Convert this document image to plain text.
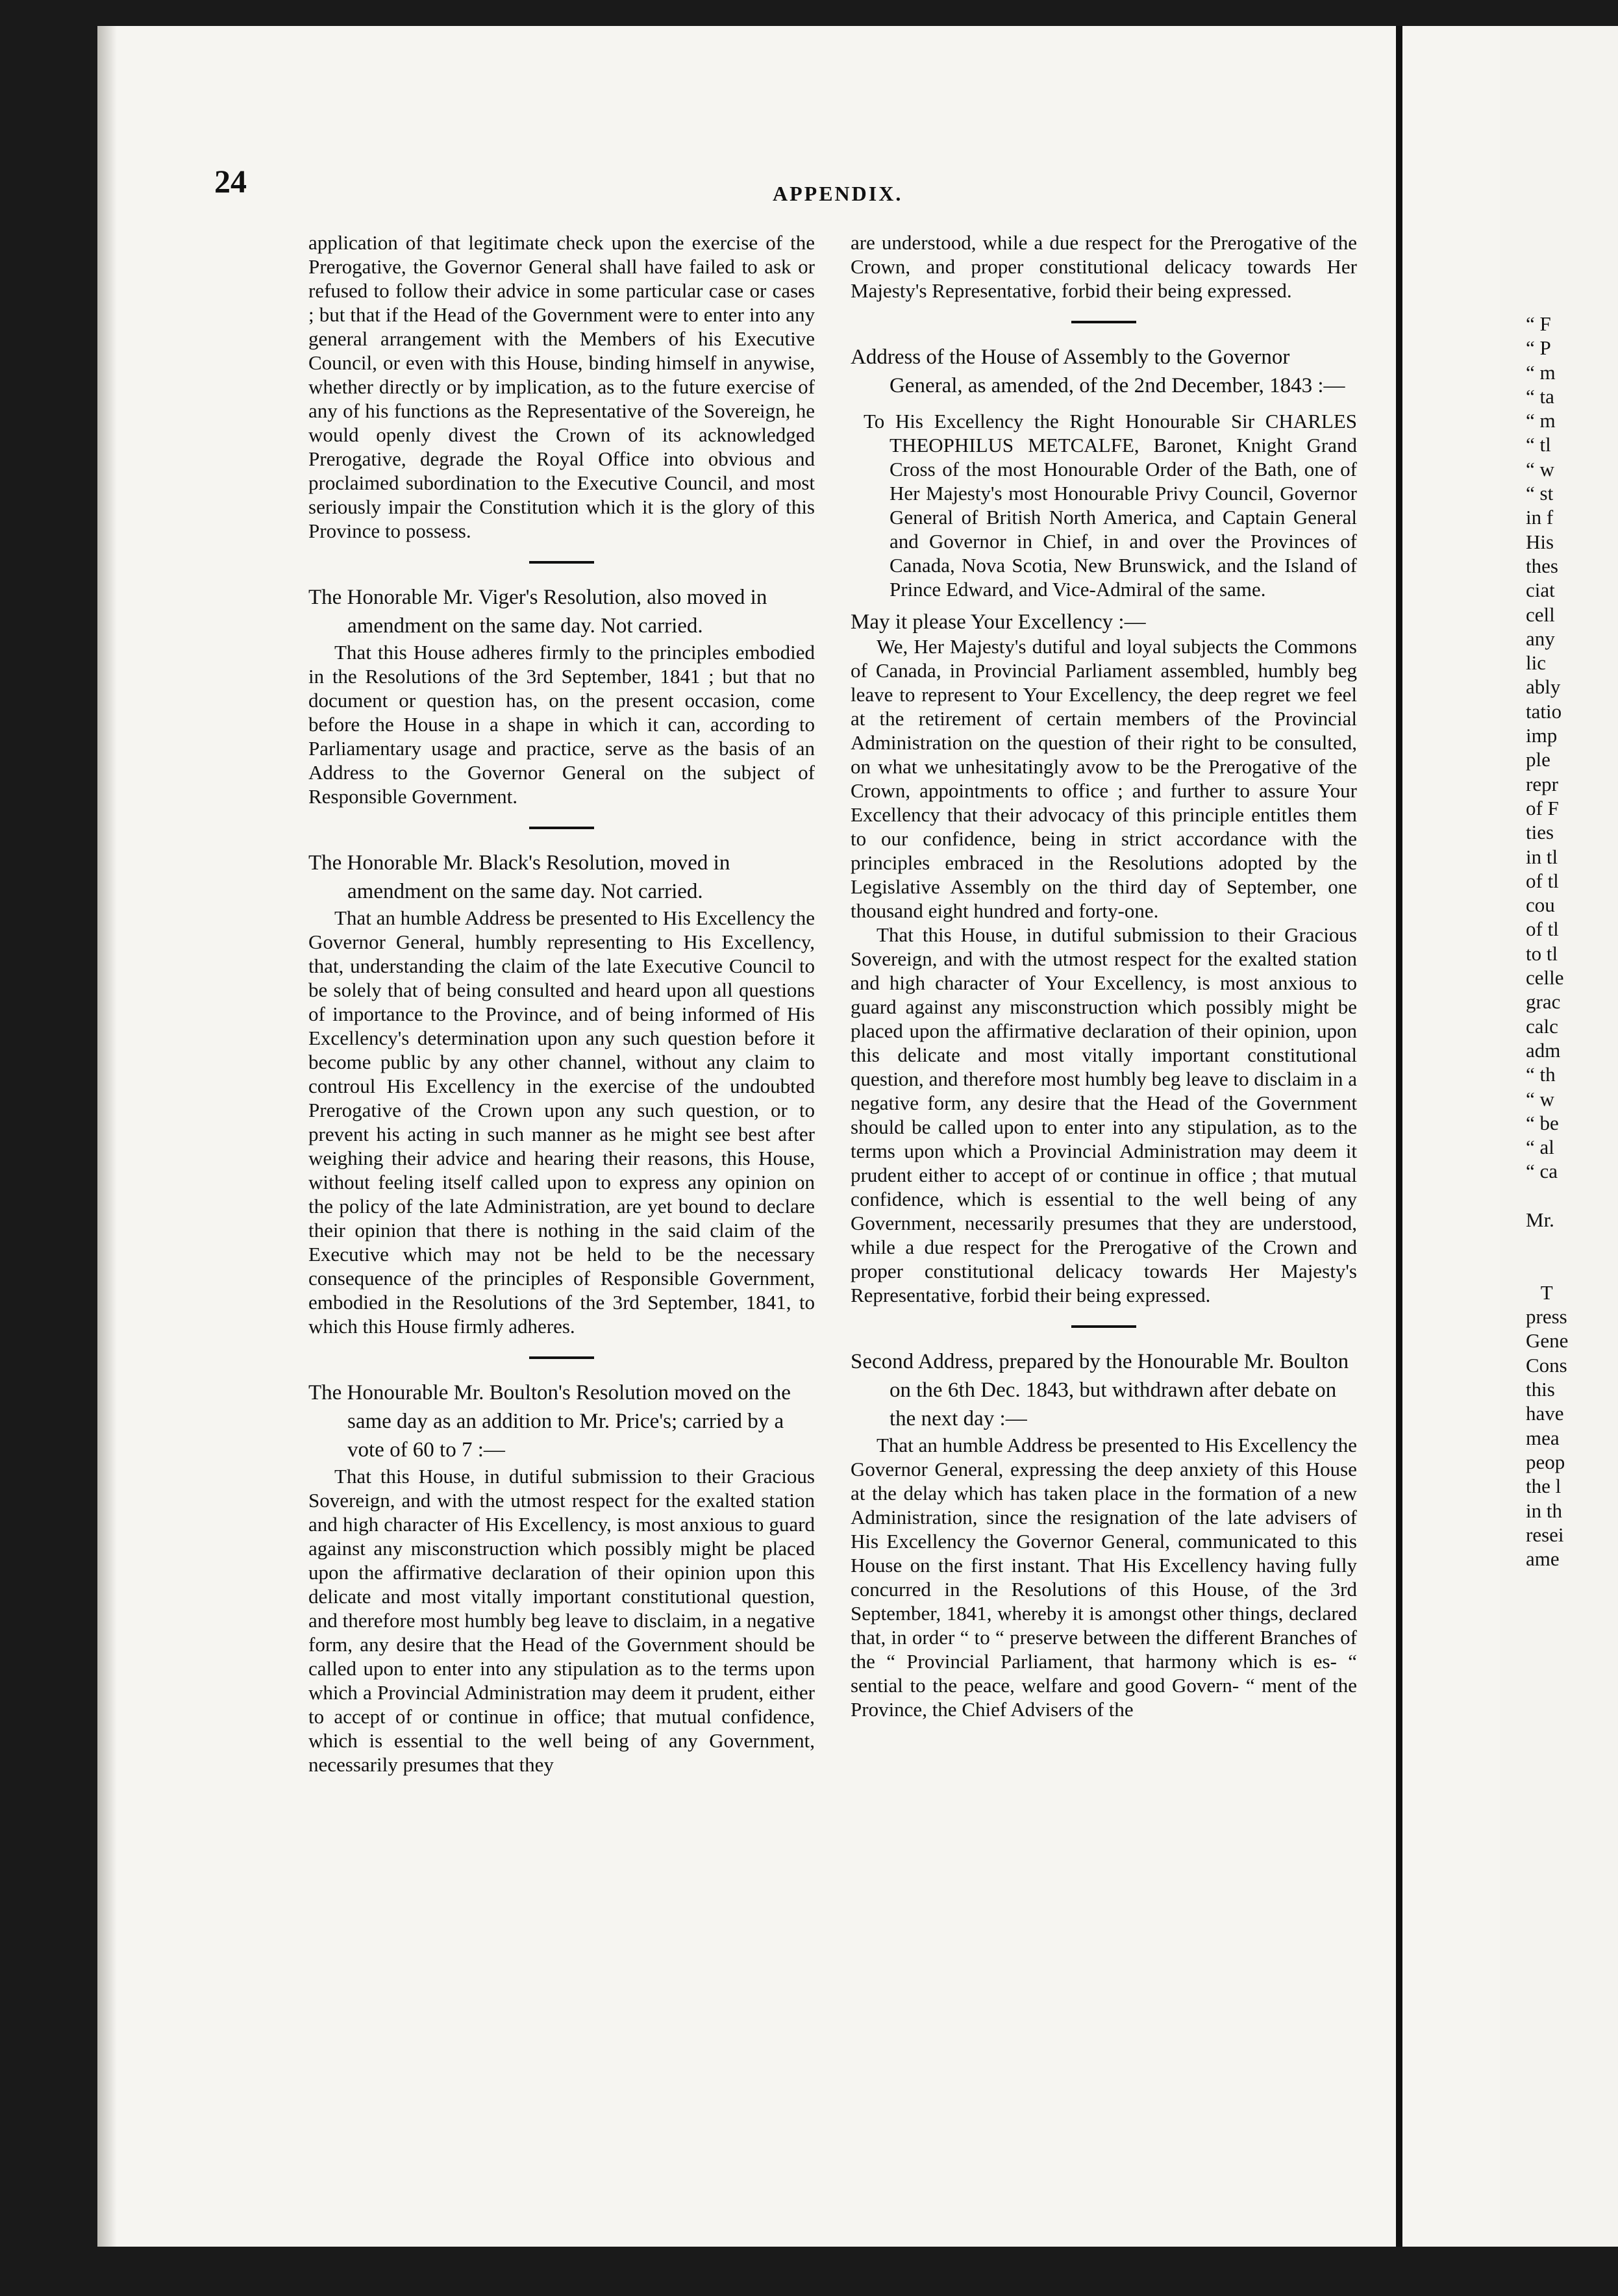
“ F
“ P
“ m
“ ta
“ m
“ tl
“ w
“ st
in f
His
thes
ciat
cell
any
lic
ably
tatio
imp
ple
repr
of F
ties
in tl
of tl
cou
of tl
to tl
celle
grac
calc
adm
“ th
“ w
“ be
“ al
“ ca

Mr.

T
press
Gene
Cons
this
have
mea
peop
the l
in th
resei
ame
24	APPENDIX.

application of that legitimate check upon the exercise of the Prerogative, the Governor General shall have failed to ask or refused to follow their advice in some particular case or cases ; but that if the Head of the Government were to enter into any general arrangement with the Members of his Executive Council, or even with this House, binding himself in anywise, whether directly or by implication, as to the future exercise of any of his functions as the Representative of the Sovereign, he would openly divest the Crown of its acknowledged Prerogative, degrade the Royal Office into obvious and proclaimed subordination to the Executive Council, and most seriously impair the Constitution which it is the glory of this Province to possess.

The Honorable Mr. Viger's Resolution, also moved in amendment on the same day. Not carried.

That this House adheres firmly to the principles embodied in the Resolutions of the 3rd September, 1841 ; but that no document or question has, on the present occasion, come before the House in a shape in which it can, according to Parliamentary usage and practice, serve as the basis of an Address to the Governor General on the subject of Responsible Government.

The Honorable Mr. Black's Resolution, moved in amendment on the same day. Not carried.

That an humble Address be presented to His Excellency the Governor General, humbly representing to His Excellency, that, understanding the claim of the late Executive Council to be solely that of being consulted and heard upon all questions of importance to the Province, and of being informed of His Excellency's determination upon any such question before it become public by any other channel, without any claim to controul His Excellency in the exercise of the undoubted Prerogative of the Crown upon any such question, or to prevent his acting in such manner as he might see best after weighing their advice and hearing their reasons, this House, without feeling itself called upon to express any opinion on the policy of the late Administration, are yet bound to declare their opinion that there is nothing in the said claim of the Executive which may not be held to be the necessary consequence of the principles of Responsible Government, embodied in the Resolutions of the 3rd September, 1841, to which this House firmly adheres.

The Honourable Mr. Boulton's Resolution moved on the same day as an addition to Mr. Price's; carried by a vote of 60 to 7 :—

That this House, in dutiful submission to their Gracious Sovereign, and with the utmost respect for the exalted station and high character of His Excellency, is most anxious to guard against any misconstruction which possibly might be placed upon the affirmative declaration of their opinion upon this delicate and most vitally important constitutional question, and therefore most humbly beg leave to disclaim, in a negative form, any desire that the Head of the Government should be called upon to enter into any stipulation as to the terms upon which a Provincial Administration may deem it prudent, either to accept of or continue in office; that mutual confidence, which is essential to the well being of any Government, necessarily presumes that they

are understood, while a due respect for the Prerogative of the Crown, and proper constitutional delicacy towards Her Majesty's Representative, forbid their being expressed.

Address of the House of Assembly to the Governor General, as amended, of the 2nd December, 1843 :—

To His Excellency the Right Honourable Sir CHARLES THEOPHILUS METCALFE, Baronet, Knight Grand Cross of the most Honourable Order of the Bath, one of Her Majesty's most Honourable Privy Council, Governor General of British North America, and Captain General and Governor in Chief, in and over the Provinces of Canada, Nova Scotia, New Brunswick, and the Island of Prince Edward, and Vice-Admiral of the same.

May it please Your Excellency :—

We, Her Majesty's dutiful and loyal subjects the Commons of Canada, in Provincial Parliament assembled, humbly beg leave to represent to Your Excellency, the deep regret we feel at the retirement of certain members of the Provincial Administration on the question of their right to be consulted, on what we unhesitatingly avow to be the Prerogative of the Crown, appointments to office ; and further to assure Your Excellency that their advocacy of this principle entitles them to our confidence, being in strict accordance with the principles embraced in the Resolutions adopted by the Legislative Assembly on the third day of September, one thousand eight hundred and forty-one.

That this House, in dutiful submission to their Gracious Sovereign, and with the utmost respect for the exalted station and high character of Your Excellency, is most anxious to guard against any misconstruction which possibly might be placed upon the affirmative declaration of their opinion, upon this delicate and most vitally important constitutional question, and therefore most humbly beg leave to disclaim in a negative form, any desire that the Head of the Government should be called upon to enter into any stipulation, as to the terms upon which a Provincial Administration may deem it prudent either to accept of or continue in office ; that mutual confidence, which is essential to the well being of any Government, necessarily presumes that they are understood, while a due respect for the Prerogative of the Crown and proper constitutional delicacy towards Her Majesty's Representative, forbid their being expressed.

Second Address, prepared by the Honourable Mr. Boulton on the 6th Dec. 1843, but withdrawn after debate on the next day :—

That an humble Address be presented to His Excellency the Governor General, expressing the deep anxiety of this House at the delay which has taken place in the formation of a new Administration, since the resignation of the late advisers of His Excellency the Governor General, communicated to this House on the first instant. That His Excellency having fully concurred in the Resolutions of this House, of the 3rd September, 1841, whereby it is amongst other things, declared that, in order “ to “ preserve between the different Branches of the “ Provincial Parliament, that harmony which is es- “ sential to the peace, welfare and good Govern- “ ment of the Province, the Chief Advisers of the
